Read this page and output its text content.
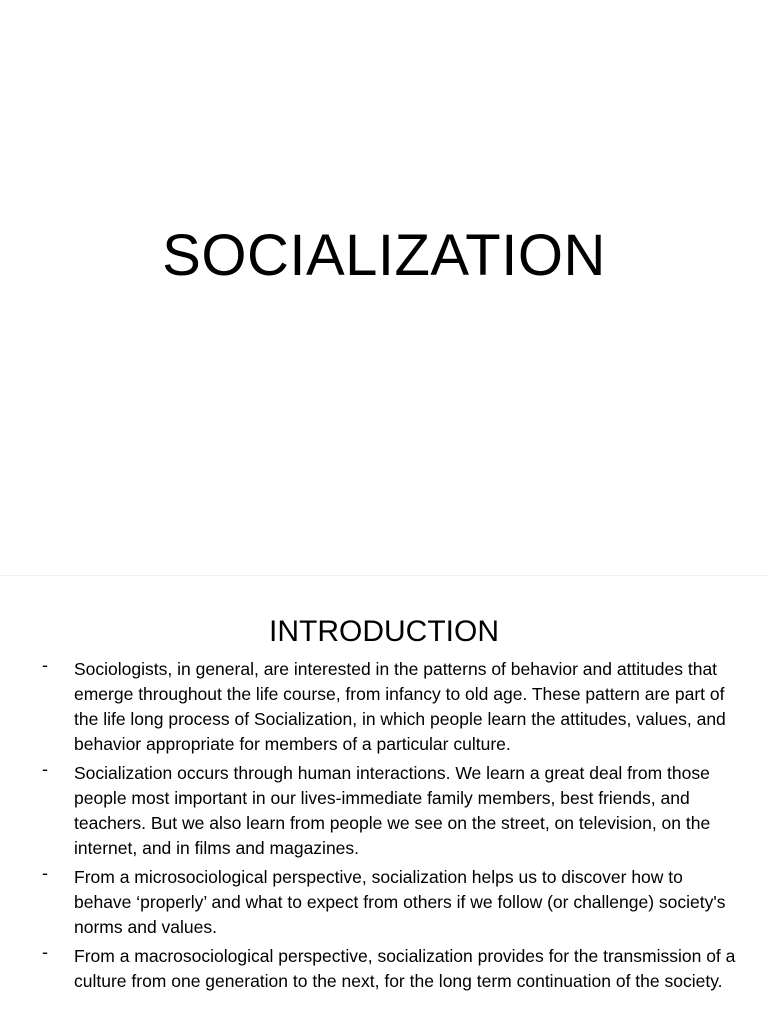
SOCIALIZATION
INTRODUCTION
- Sociologists, in general, are interested in the patterns of behavior and attitudes that emerge throughout the life course, from infancy to old age. These pattern are part of the life long process of Socialization, in which people learn the attitudes, values, and behavior appropriate for members of a particular culture.
- Socialization occurs through human interactions. We learn a great deal from those people most important in our lives-immediate family members, best friends, and teachers. But we also learn from people we see on the street, on television, on the internet, and in films and magazines.
- From a microsociological perspective, socialization helps us to discover how to behave ‘properly’ and what to expect from others if we follow (or challenge) society's norms and values.
- From a macrosociological perspective, socialization provides for the transmission of a culture from one generation to the next, for the long term continuation of the society.
